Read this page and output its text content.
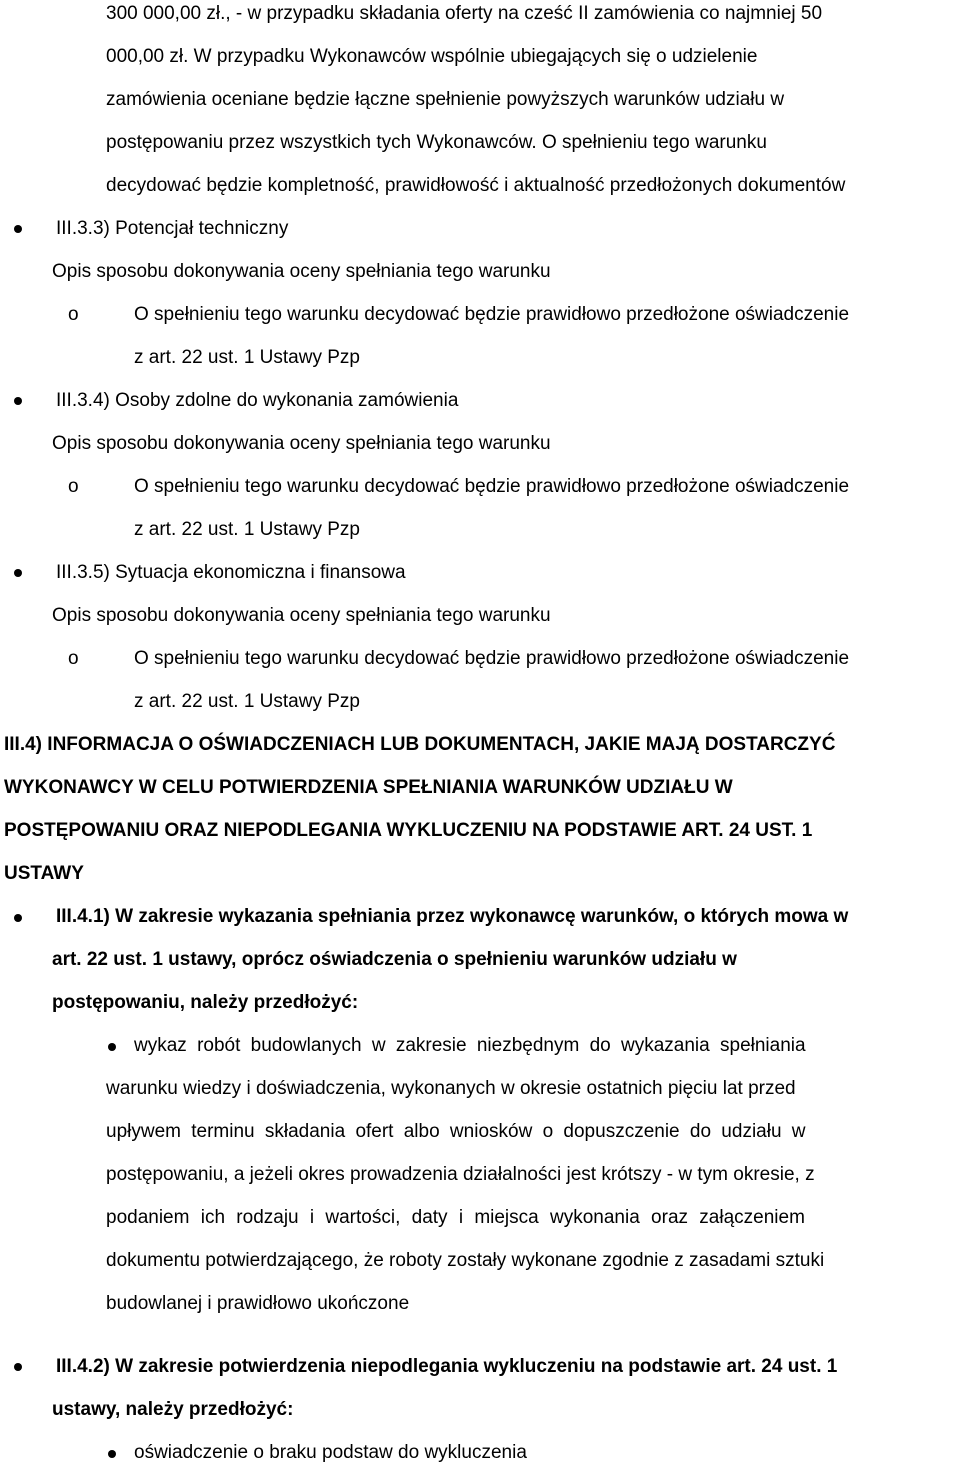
300 000,00 zł., - w przypadku składania oferty na cześć II zamówienia co najmniej 50
000,00 zł. W przypadku Wykonawców wspólnie ubiegających się o udzielenie
zamówienia oceniane będzie łączne spełnienie powyższych warunków udziału w
postępowaniu przez wszystkich tych Wykonawców. O spełnieniu tego warunku
decydować będzie kompletność, prawidłowość i aktualność przedłożonych dokumentów
III.3.3) Potencjał techniczny
Opis sposobu dokonywania oceny spełniania tego warunku
o	O spełnieniu tego warunku decydować będzie prawidłowo przedłożone oświadczenie
z art. 22 ust. 1 Ustawy Pzp
III.3.4) Osoby zdolne do wykonania zamówienia
Opis sposobu dokonywania oceny spełniania tego warunku
o	O spełnieniu tego warunku decydować będzie prawidłowo przedłożone oświadczenie
z art. 22 ust. 1 Ustawy Pzp
III.3.5) Sytuacja ekonomiczna i finansowa
Opis sposobu dokonywania oceny spełniania tego warunku
o	O spełnieniu tego warunku decydować będzie prawidłowo przedłożone oświadczenie
z art. 22 ust. 1 Ustawy Pzp
III.4) INFORMACJA O OŚWIADCZENIACH LUB DOKUMENTACH, JAKIE MAJĄ DOSTARCZYĆ
WYKONAWCY W CELU POTWIERDZENIA SPEŁNIANIA WARUNKÓW UDZIAŁU W
POSTĘPOWANIU ORAZ NIEPODLEGANIA WYKLUCZENIU NA PODSTAWIE ART. 24 UST. 1
USTAWY
III.4.1) W zakresie wykazania spełniania przez wykonawcę warunków, o których mowa w
art. 22 ust. 1 ustawy, oprócz oświadczenia o spełnieniu warunków udziału w
postępowaniu, należy przedłożyć:
wykaz robót budowlanych w zakresie niezbędnym do wykazania spełniania
warunku wiedzy i doświadczenia, wykonanych w okresie ostatnich pięciu lat przed
upływem terminu składania ofert albo wniosków o dopuszczenie do udziału w
postępowaniu, a jeżeli okres prowadzenia działalności jest krótszy - w tym okresie, z
podaniem ich rodzaju i wartości, daty i miejsca wykonania oraz załączeniem
dokumentu potwierdzającego, że roboty zostały wykonane zgodnie z zasadami sztuki
budowlanej i prawidłowo ukończone
III.4.2) W zakresie potwierdzenia niepodlegania wykluczeniu na podstawie art. 24 ust. 1
ustawy, należy przedłożyć:
oświadczenie o braku podstaw do wykluczenia
